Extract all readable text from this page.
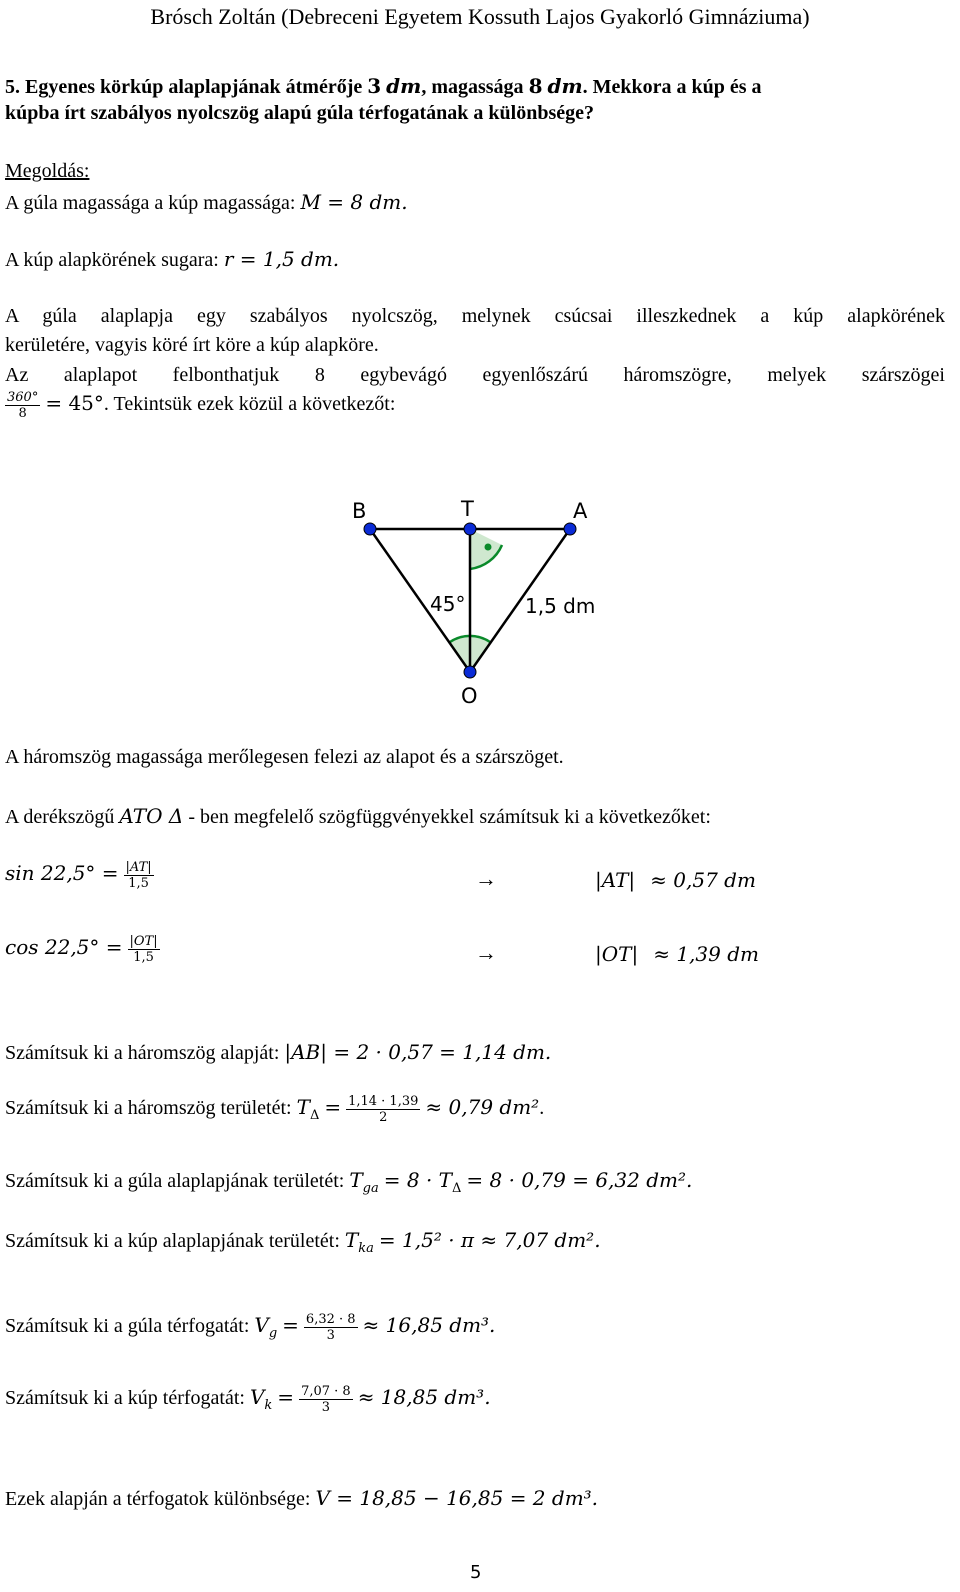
Brósch Zoltán (Debreceni Egyetem Kossuth Lajos Gyakorló Gimnáziuma)
5. Egyenes körkúp alaplapjának átmérője 3 dm, magassága 8 dm. Mekkora a kúp és a
kúpba írt szabályos nyolcszög alapú gúla térfogatának a különbsége?
Megoldás:
A gúla magassága a kúp magassága: M = 8 dm.
A kúp alapkörének sugara: r = 1,5 dm.
A gúla alaplapja egy szabályos nyolcszög, melynek csúcsai illeszkednek a kúp alapkörének
kerületére, vagyis köré írt köre a kúp alapköre.
Az alaplapot felbonthatjuk 8 egybevágó egyenlőszárú háromszögre, melyek szárszögei
$\frac{360^\circ}{8} = 45^\circ$. Tekintsük ezek közül a következőt:
B	T	A
O
45°	1,5 dm
A háromszög magassága merőlegesen felezi az alapot és a szárszöget.
A derékszögű ATO Δ - ben megfelelő szögfüggvényekkel számítsuk ki a következőket:
$\sin 22,5^\circ = \frac{|AT|}{1,5}$	→	|AT| ≈ 0,57 dm
$\cos 22,5^\circ = \frac{|OT|}{1,5}$	→	|OT| ≈ 1,39 dm
Számítsuk ki a háromszög alapját: |AB| = 2 · 0,57 = 1,14 dm.
Számítsuk ki a háromszög területét: $T_\Delta = \frac{1,14 \cdot 1,39}{2} \approx 0,79$ dm².
Számítsuk ki a gúla alaplapjának területét: $T_{ga} = 8 \cdot T_\Delta = 8 \cdot 0,79 = 6,32$ dm².
Számítsuk ki a kúp alaplapjának területét: $T_{ka} = 1,5^2 \cdot \pi \approx 7,07$ dm².
Számítsuk ki a gúla térfogatát: $V_g = \frac{6,32 \cdot 8}{3} \approx 16,85$ dm³.
Számítsuk ki a kúp térfogatát: $V_k = \frac{7,07 \cdot 8}{3} \approx 18,85$ dm³.
Ezek alapján a térfogatok különbsége: V = 18,85 − 16,85 = 2 dm³.
5
